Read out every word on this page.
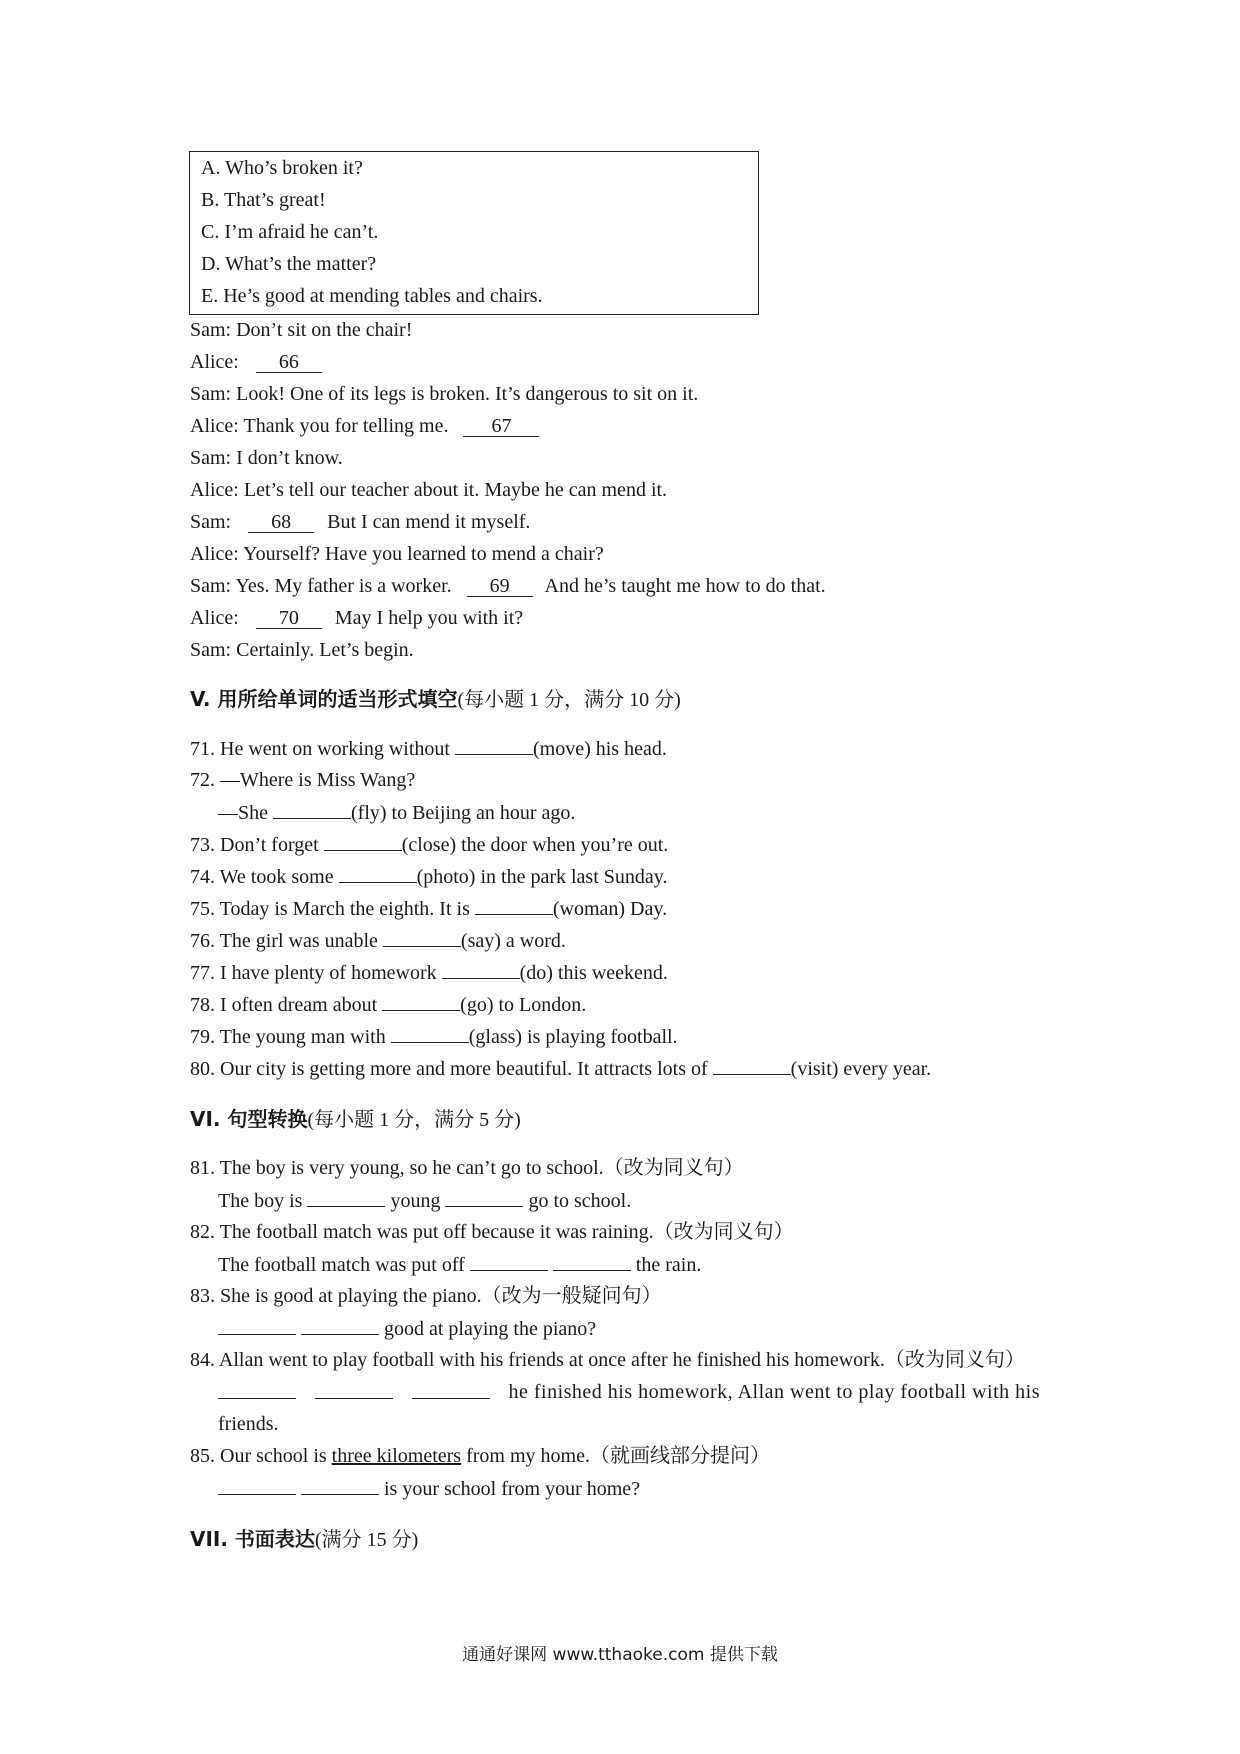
A. Who’s broken it?
B. That’s great!
C. I’m afraid he can’t.
D. What’s the matter?
E. He’s good at mending tables and chairs.
Sam: Don’t sit on the chair!
Alice: 66
Sam: Look! One of its legs is broken. It’s dangerous to sit on it.
Alice: Thank you for telling me. 67
Sam: I don’t know.
Alice: Let’s tell our teacher about it. Maybe he can mend it.
Sam: 68 But I can mend it myself.
Alice: Yourself? Have you learned to mend a chair?
Sam: Yes. My father is a worker. 69 And he’s taught me how to do that.
Alice: 70 May I help you with it?
Sam: Certainly. Let’s begin.
V. 用所给单词的适当形式填空(每小题 1 分，满分 10 分)
71. He went on working without	(move) his head.
72. —Where is Miss Wang?
—She	(fly) to Beijing an hour ago.
73. Don’t forget	(close) the door when you’re out.
74. We took some	(photo) in the park last Sunday.
75. Today is March the eighth. It is	(woman) Day.
76. The girl was unable	(say) a word.
77. I have plenty of homework	(do) this weekend.
78. I often dream about	(go) to London.
79. The young man with	(glass) is playing football.
80. Our city is getting more and more beautiful. It attracts lots of	(visit) every year.
VI. 句型转换(每小题 1 分，满分 5 分)
81. The boy is very young, so he can’t go to school.（改为同义句）
The boy is	young	go to school.
82. The football match was put off because it was raining.（改为同义句）
The football match was put off	the rain.
83. She is good at playing the piano.（改为一般疑问句）
good at playing the piano?
84. Allan went to play football with his friends at once after he finished his homework.（改为同义句）
he finished his homework, Allan went to play football with his
friends.
85. Our school is three kilometers from my home.（就画线部分提问）
is your school from your home?
VII. 书面表达(满分 15 分)
通通好课网 www.tthaoke.com 提供下载
